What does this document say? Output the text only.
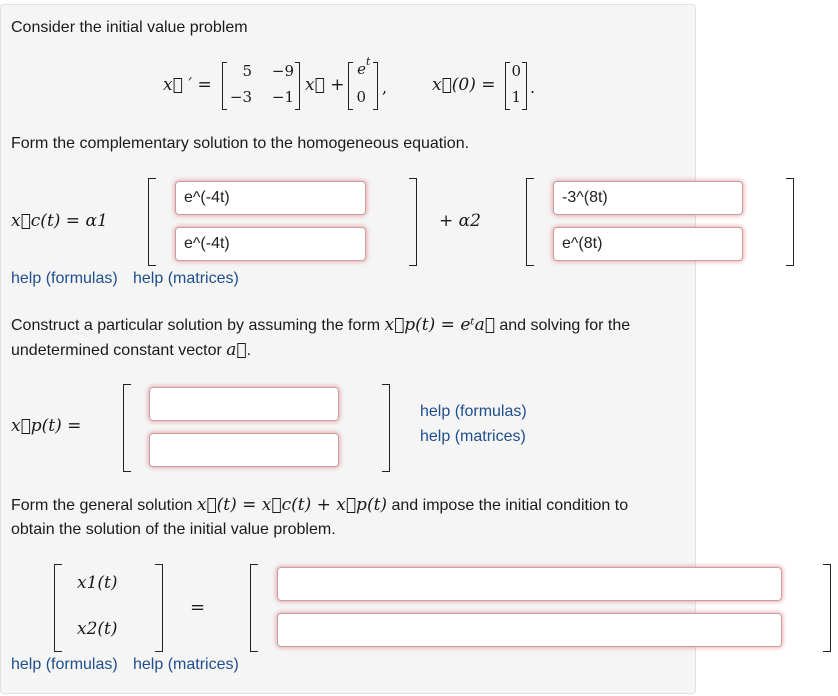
Consider the initial value problem
x⃗ ′ =
5	−9
−3	−1
x⃗ +
e t
0 ,	x⃗(0) =
0
1 .
Form the complementary solution to the homogeneous equation.
x⃗c(t) = α1
e^(-4t)
e^(-4t)	+ α2
-3^(8t)
e^(8t)
help (formulas) help (matrices)
Construct a particular solution by assuming the form x⃗p(t) = eᵗa⃗ and solving for the
undetermined constant vector a⃗.
x⃗p(t) =
help (formulas)
help (matrices)
Form the general solution x⃗(t) = x⃗c(t) + x⃗p(t) and impose the initial condition to
obtain the solution of the initial value problem.
x1(t)
x2(t)
=
help (formulas) help (matrices)
